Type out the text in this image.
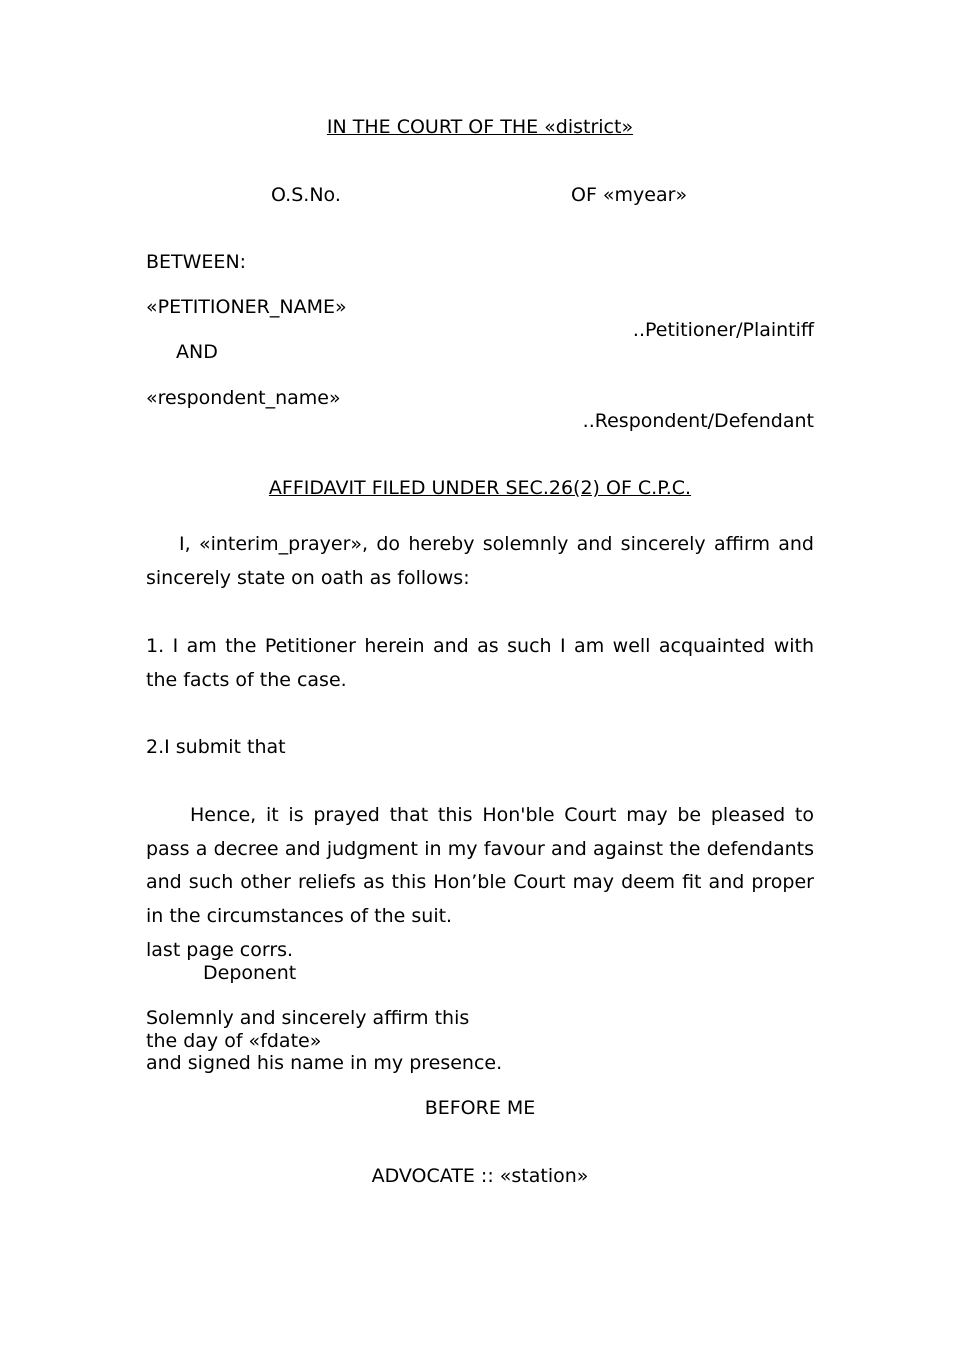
IN THE COURT OF THE «district»
O.S.No.	OF «myear»
BETWEEN:
«PETITIONER_NAME»
..Petitioner/Plaintiff
AND
«respondent_name»
..Respondent/Defendant
AFFIDAVIT FILED UNDER SEC.26(2) OF C.P.C.
I, «interim_prayer», do hereby solemnly and sincerely affirm and sincerely state on oath as follows:
1. I am the Petitioner herein and as such I am well acquainted with the facts of the case.
2.I submit that
Hence, it is prayed that this Hon'ble Court may be pleased to pass a decree and judgment in my favour and against the defendants and such other reliefs as this Hon’ble Court may deem fit and proper in the circumstances of the suit.
last page corrs.
Deponent
Solemnly and sincerely affirm this
the day of «fdate»
and signed his name in my presence.
BEFORE ME
ADVOCATE :: «station»
